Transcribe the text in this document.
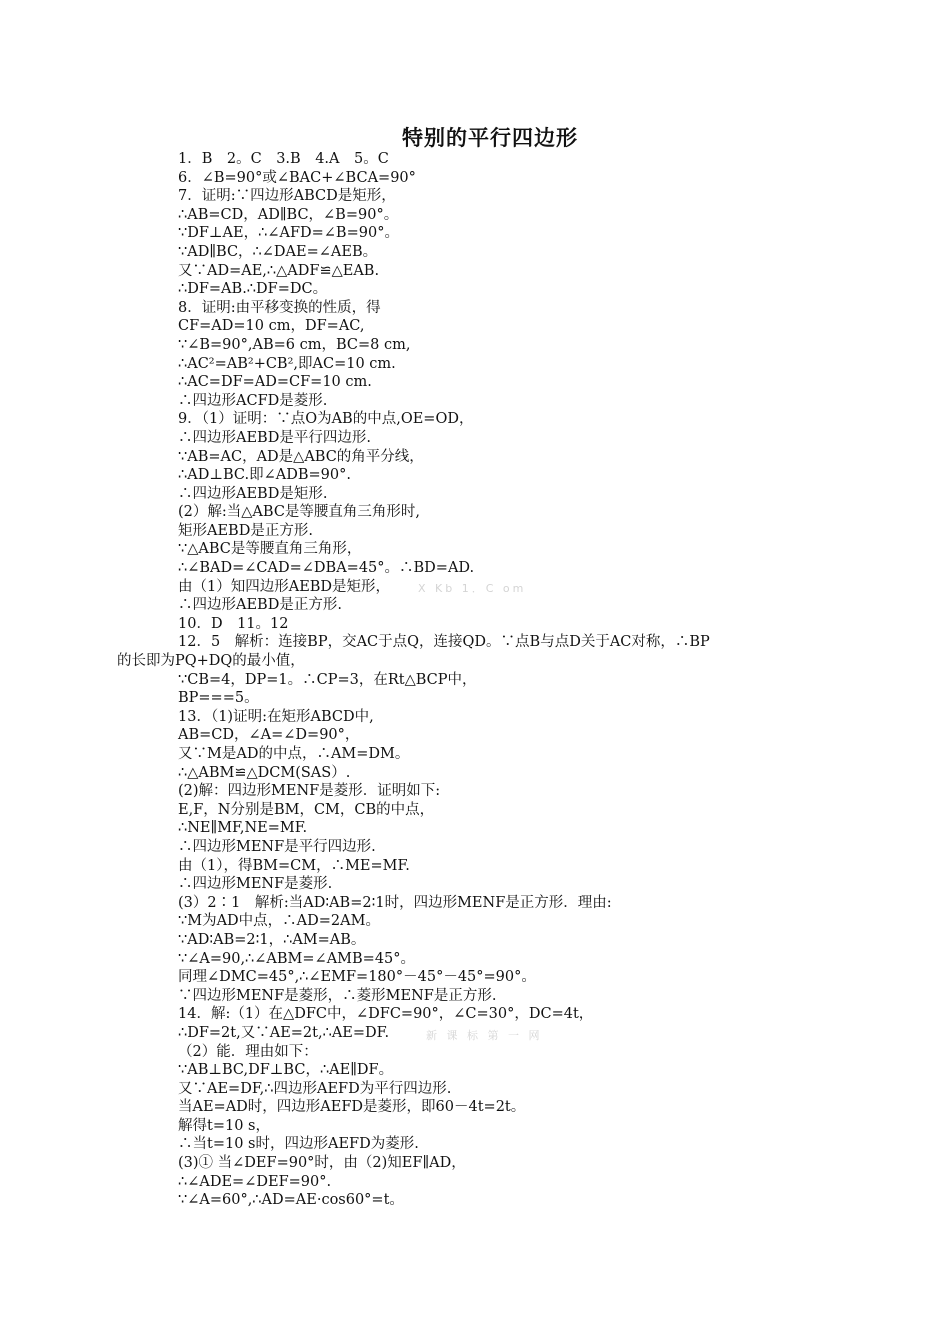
特别的平行四边形
1．B　2。C　3.B　4.A　5。C
6．∠B=90°或∠BAC+∠BCA=90°
7．证明:∵四边形ABCD是矩形，
∴AB=CD，AD∥BC，∠B=90°。
∵DF⊥AE，∴∠AFD=∠B=90°。
∵AD∥BC，∴∠DAE=∠AEB。
又∵AD=AE,∴△ADF≌△EAB.
∴DF=AB.∴DF=DC。
8．证明:由平移变换的性质，得
CF=AD=10 cm，DF=AC,
∵∠B=90°,AB=6 cm，BC=8 cm,
∴AC²=AB²+CB²,即AC=10 cm.
∴AC=DF=AD=CF=10 cm.
∴四边形ACFD是菱形.
9．（1）证明：∵点O为AB的中点,OE=OD，
∴四边形AEBD是平行四边形.
∵AB=AC，AD是△ABC的角平分线，
∴AD⊥BC.即∠ADB=90°.
∴四边形AEBD是矩形.
(2）解:当△ABC是等腰直角三角形时,
矩形AEBD是正方形.
∵△ABC是等腰直角三角形，
∴∠BAD=∠CAD=∠DBA=45°。∴BD=AD.
由（1）知四边形AEBD是矩形，
∴四边形AEBD是正方形.
10．D　11。12
12．5　解析：连接BP，交AC于点Q，连接QD。∵点B与点D关于AC对称，∴BP
的长即为PQ+DQ的最小值，
∵CB=4，DP=1。∴CP=3，在Rt△BCP中，
BP===5。
13．（1)证明:在矩形ABCD中,
AB=CD，∠A=∠D=90°，
又∵M是AD的中点，∴AM=DM。
∴△ABM≌△DCM(SAS）.
(2)解：四边形MENF是菱形．证明如下:
E,F，N分别是BM，CM，CB的中点，
∴NE∥MF,NE=MF.
∴四边形MENF是平行四边形.
由（1），得BM=CM，∴ME=MF.
∴四边形MENF是菱形.
(3）2∶1　解析:当AD∶AB=2∶1时，四边形MENF是正方形．理由:
∵M为AD中点，∴AD=2AM。
∵AD∶AB=2∶1，∴AM=AB。
∵∠A=90,∴∠ABM=∠AMB=45°。
同理∠DMC=45°,∴∠EMF=180°－45°－45°=90°。
∵四边形MENF是菱形，∴菱形MENF是正方形.
14．解:（1）在△DFC中，∠DFC=90°，∠C=30°，DC=4t，
∴DF=2t,又∵AE=2t,∴AE=DF.
（2）能．理由如下：
∵AB⊥BC,DF⊥BC，∴AE∥DF。
又∵AE=DF,∴四边形AEFD为平行四边形.
当AE=AD时，四边形AEFD是菱形，即60－4t=2t。
解得t=10 s，
∴当t=10 s时，四边形AEFD为菱形.
(3)① 当∠DEF=90°时，由（2)知EF∥AD，
∴∠ADE=∠DEF=90°.
∵∠A=60°,∴AD=AE·cos60°=t。
X Kb 1．C om
新 课 标 第 一 网
